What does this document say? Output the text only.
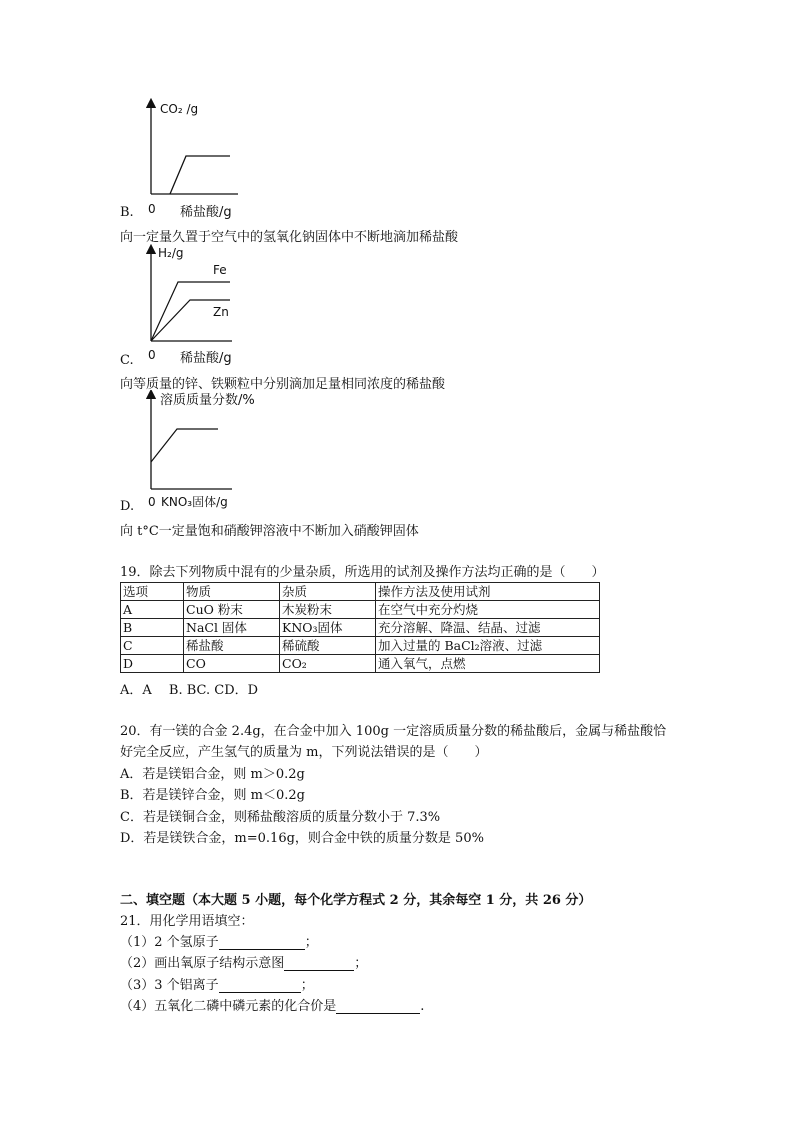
CO₂ /g
0 稀盐酸/g
B.
向一定量久置于空气中的氢氧化钠固体中不断地滴加稀盐酸
H₂/g
Fe
Zn
0 稀盐酸/g
C.
向等质量的锌、铁颗粒中分别滴加足量相同浓度的稀盐酸
溶质质量分数/%
0 KNO₃固体/g
D.
向 t°C一定量饱和硝酸钾溶液中不断加入硝酸钾固体
19．除去下列物质中混有的少量杂质，所选用的试剂及操作方法均正确的是（　　）
选项	物质	杂质	操作方法及使用试剂
A	CuO 粉末	木炭粉末	在空气中充分灼烧
B	NaCl 固体	KNO₃固体	充分溶解、降温、结晶、过滤
C	稀盐酸	稀硫酸	加入过量的 BaCl₂溶液、过滤
D	CO	CO₂	通入氧气，点燃
A．A　 B. BC. CD．D
20．有一镁的合金 2.4g，在合金中加入 100g 一定溶质质量分数的稀盐酸后，金属与稀盐酸恰
好完全反应，产生氢气的质量为 m，下列说法错误的是（　　）
A．若是镁铝合金，则 m＞0.2g
B．若是镁锌合金，则 m＜0.2g
C．若是镁铜合金，则稀盐酸溶质的质量分数小于 7.3%
D．若是镁铁合金，m=0.16g，则合金中铁的质量分数是 50%
二、填空题（本大题 5 小题，每个化学方程式 2 分，其余每空 1 分，共 26 分）
21．用化学用语填空：
（1）2 个氢原子	；
（2）画出氧原子结构示意图	；
（3）3 个铝离子	；
（4）五氧化二磷中磷元素的化合价是	.
